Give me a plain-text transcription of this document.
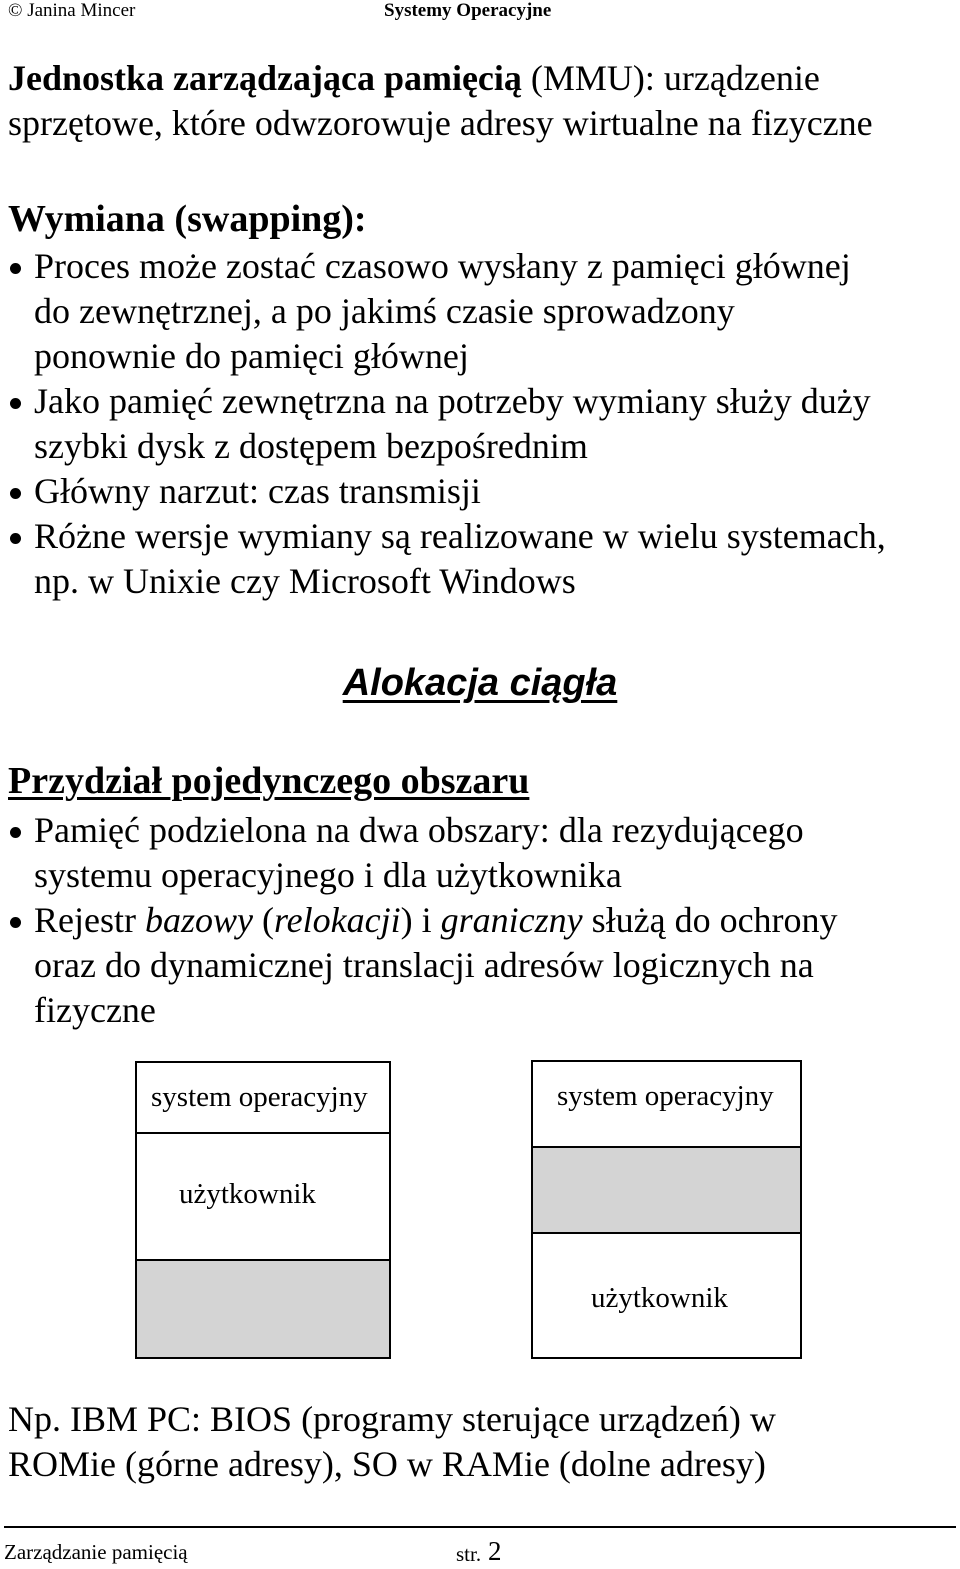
© Janina Mincer	Systemy Operacyjne

Jednostka zarządzająca pamięcią (MMU): urządzenie

sprzętowe, które odwzorowuje adresy wirtualne na fizyczne

Wymiana (swapping):

Proces może zostać czasowo wysłany z pamięci głównej
do zewnętrznej, a po jakimś czasie sprowadzony
ponownie do pamięci głównej
Jako pamięć zewnętrzna na potrzeby wymiany służy duży
szybki dysk z dostępem bezpośrednim
Główny narzut: czas transmisji
Różne wersje wymiany są realizowane w wielu systemach,
np. w Unixie czy Microsoft Windows
Alokacja ciągła

Przydział pojedynczego obszaru

Pamięć podzielona na dwa obszary: dla rezydującego
systemu operacyjnego i dla użytkownika
Rejestr bazowy (relokacji) i graniczny służą do ochrony
oraz do dynamicznej translacji adresów logicznych na
fizyczne
system operacyjny
użytkownik
system operacyjny
użytkownik

Np. IBM PC: BIOS (programy sterujące urządzeń) w

ROMie (górne adresy), SO w RAMie (dolne adresy)

Zarządzanie pamięcią	str. 2
